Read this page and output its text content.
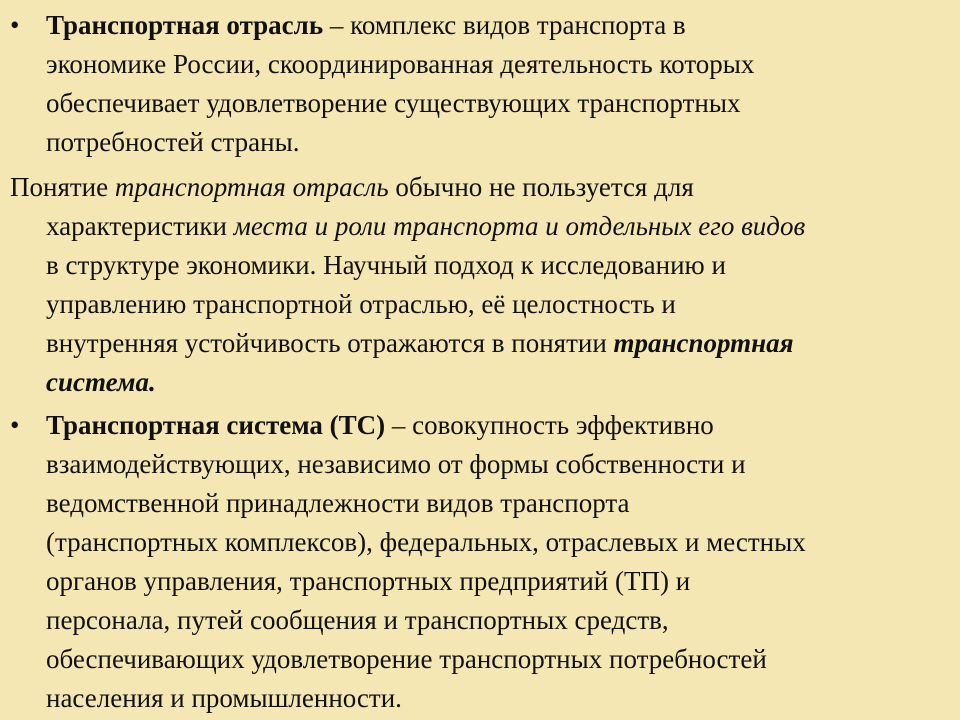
• Транспортная отрасль – комплекс видов транспорта в
экономике России, скоординированная деятельность которых
обеспечивает удовлетворение существующих транспортных
потребностей страны.
Понятие транспортная отрасль обычно не пользуется для
характеристики места и роли транспорта и отдельных его видов
в структуре экономики. Научный подход к исследованию и
управлению транспортной отраслью, её целостность и
внутренняя устойчивость отражаются в понятии транспортная
система.
• Транспортная система (ТС) – совокупность эффективно
взаимодействующих, независимо от формы собственности и
ведомственной принадлежности видов транспорта
(транспортных комплексов), федеральных, отраслевых и местных
органов управления, транспортных предприятий (ТП) и
персонала, путей сообщения и транспортных средств,
обеспечивающих удовлетворение транспортных потребностей
населения и промышленности.
